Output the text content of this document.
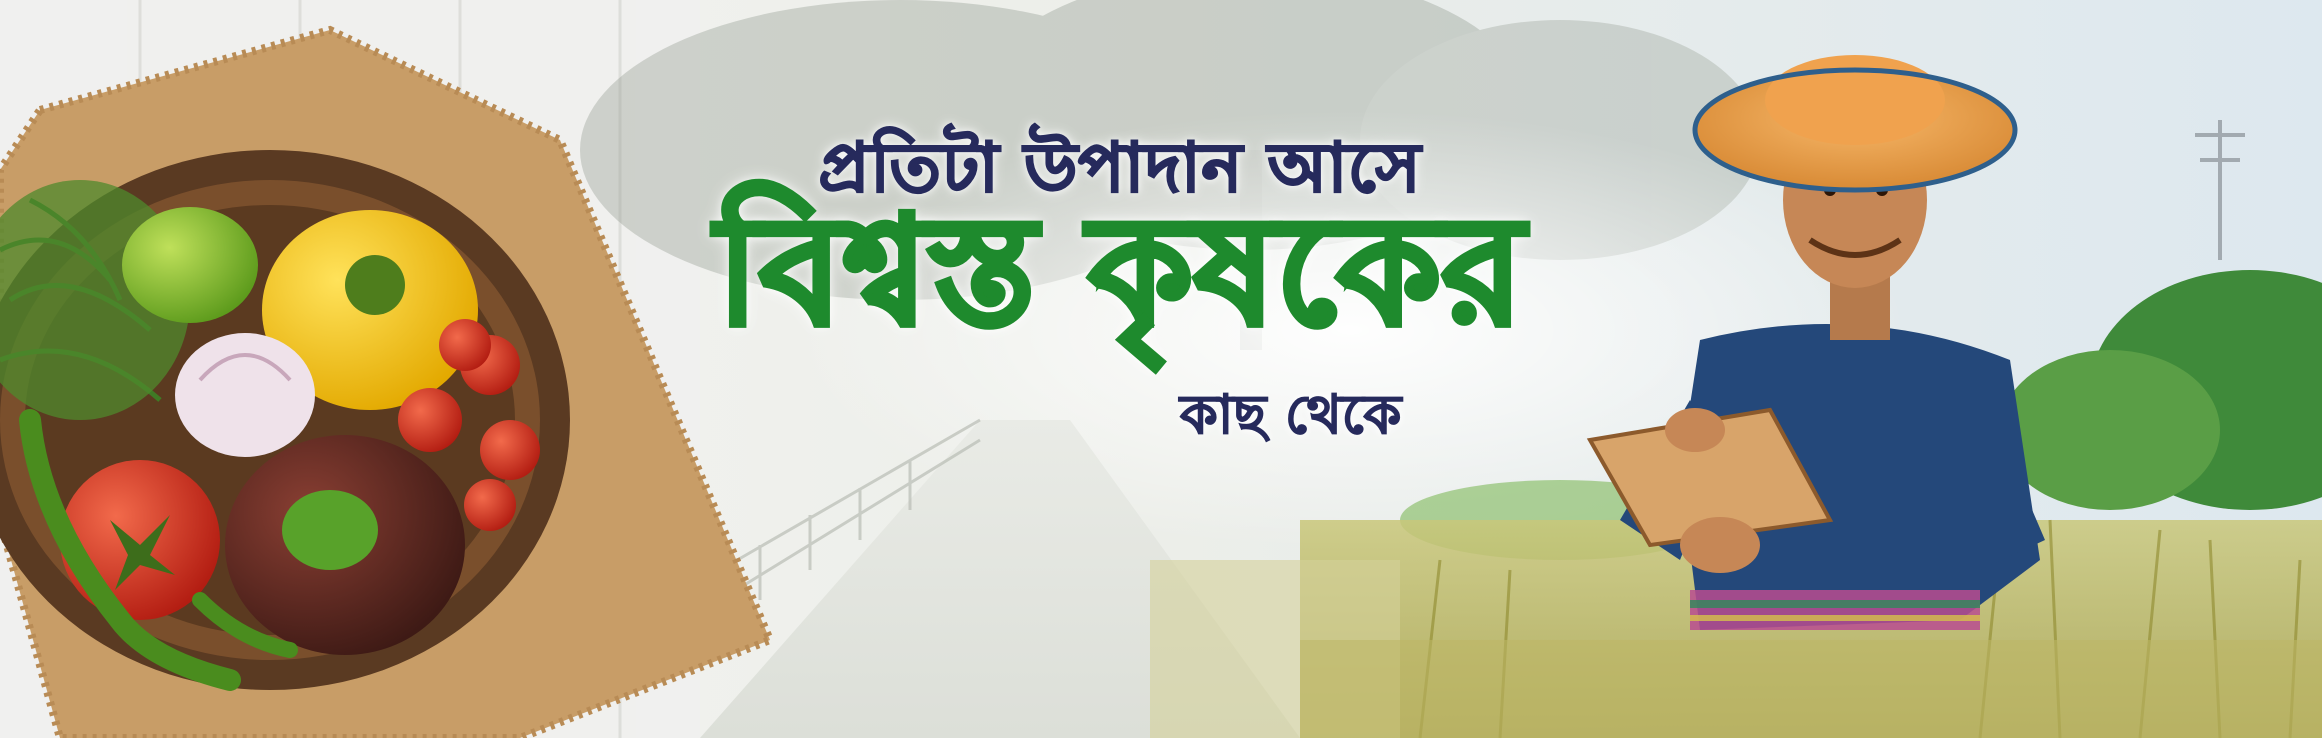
প্রতিটা উপাদান আসে
বিশ্বস্ত কৃষকের
কাছ থেকে
